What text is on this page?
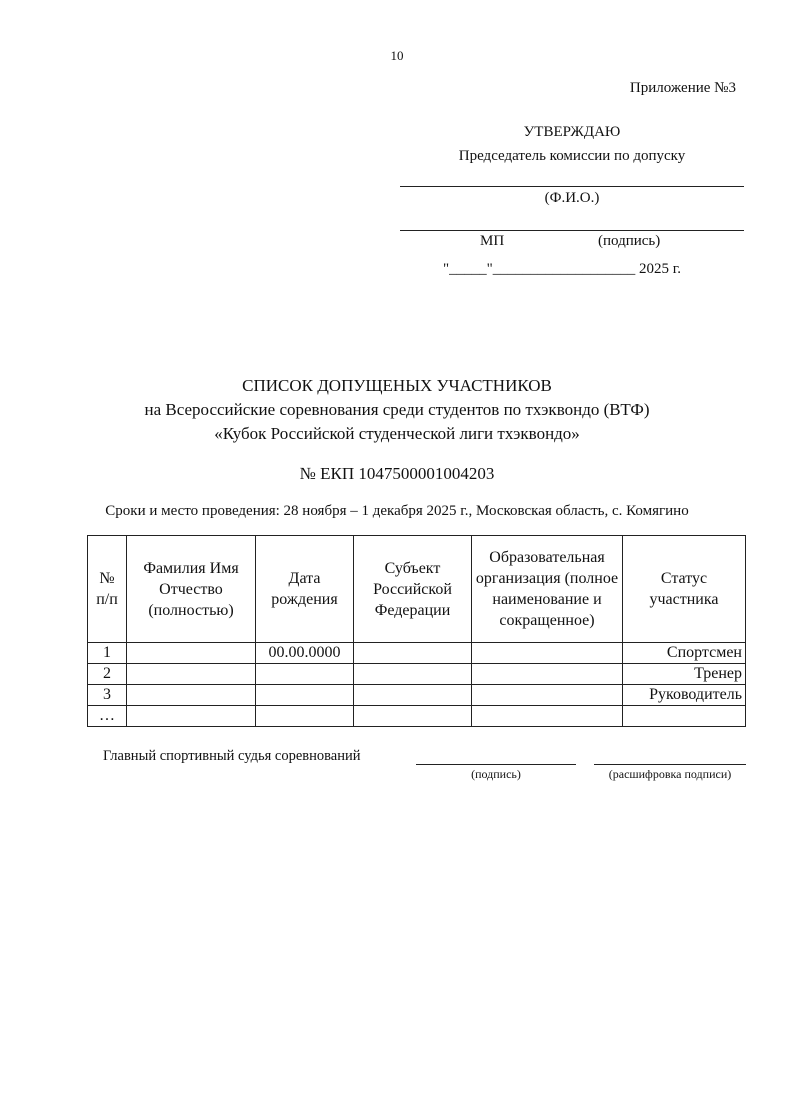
10
Приложение №3
УТВЕРЖДАЮ
Председатель комиссии по допуску
(Ф.И.О.)
МП	(подпись)
"_____"___________________ 2025 г.
СПИСОК ДОПУЩЕНЫХ УЧАСТНИКОВ
на Всероссийские соревнования среди студентов по тхэквондо (ВТФ)
«Кубок Российской студенческой лиги тхэквондо»
№ ЕКП 1047500001004203
Сроки и место проведения: 28 ноября – 1 декабря 2025 г., Московская область, с. Комягино
№ п/п	Фамилия Имя Отчество (полностью)	Дата рождения	Субъект Российской Федерации	Образовательная организация (полное наименование и сокращенное)	Статус участника
1		00.00.0000			Спортсмен
2					Тренер
3					Руководитель
…					
Главный спортивный судья соревнований
(подпись)	(расшифровка подписи)
